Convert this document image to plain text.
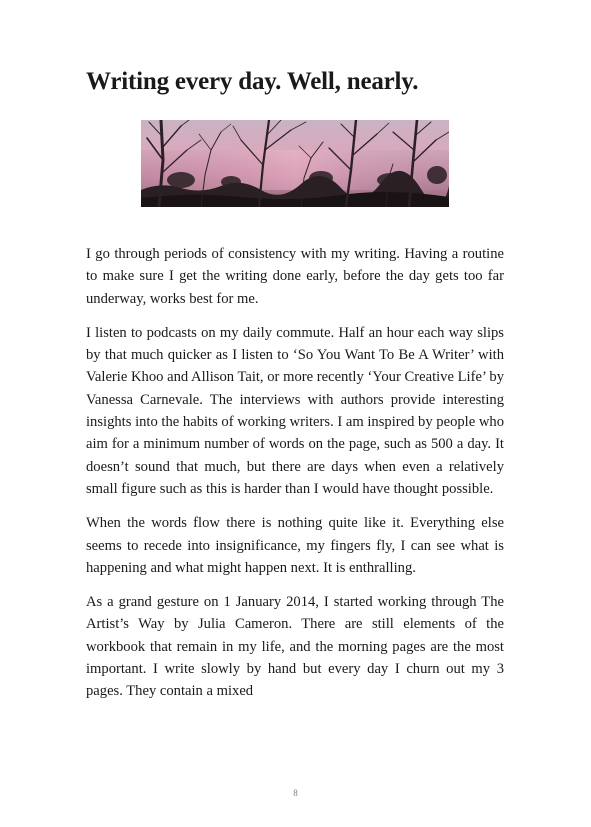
Writing every day. Well, nearly.

I go through periods of consistency with my writing. Having a routine to make sure I get the writing done early, before the day gets too far underway, works best for me.

I listen to podcasts on my daily commute. Half an hour each way slips by that much quicker as I listen to ‘So You Want To Be A Writer’ with Valerie Khoo and Allison Tait, or more recently ‘Your Creative Life’ by Vanessa Carnevale. The interviews with authors provide interesting insights into the habits of working writers. I am inspired by people who aim for a minimum number of words on the page, such as 500 a day. It doesn’t sound that much, but there are days when even a relatively small figure such as this is harder than I would have thought possible.

When the words flow there is nothing quite like it. Everything else seems to recede into insignificance, my fingers fly, I can see what is happening and what might happen next. It is enthralling.

As a grand gesture on 1 January 2014, I started working through The Artist’s Way by Julia Cameron. There are still elements of the workbook that remain in my life, and the morning pages are the most important. I write slowly by hand but every day I churn out my 3 pages. They contain a mixed

8
